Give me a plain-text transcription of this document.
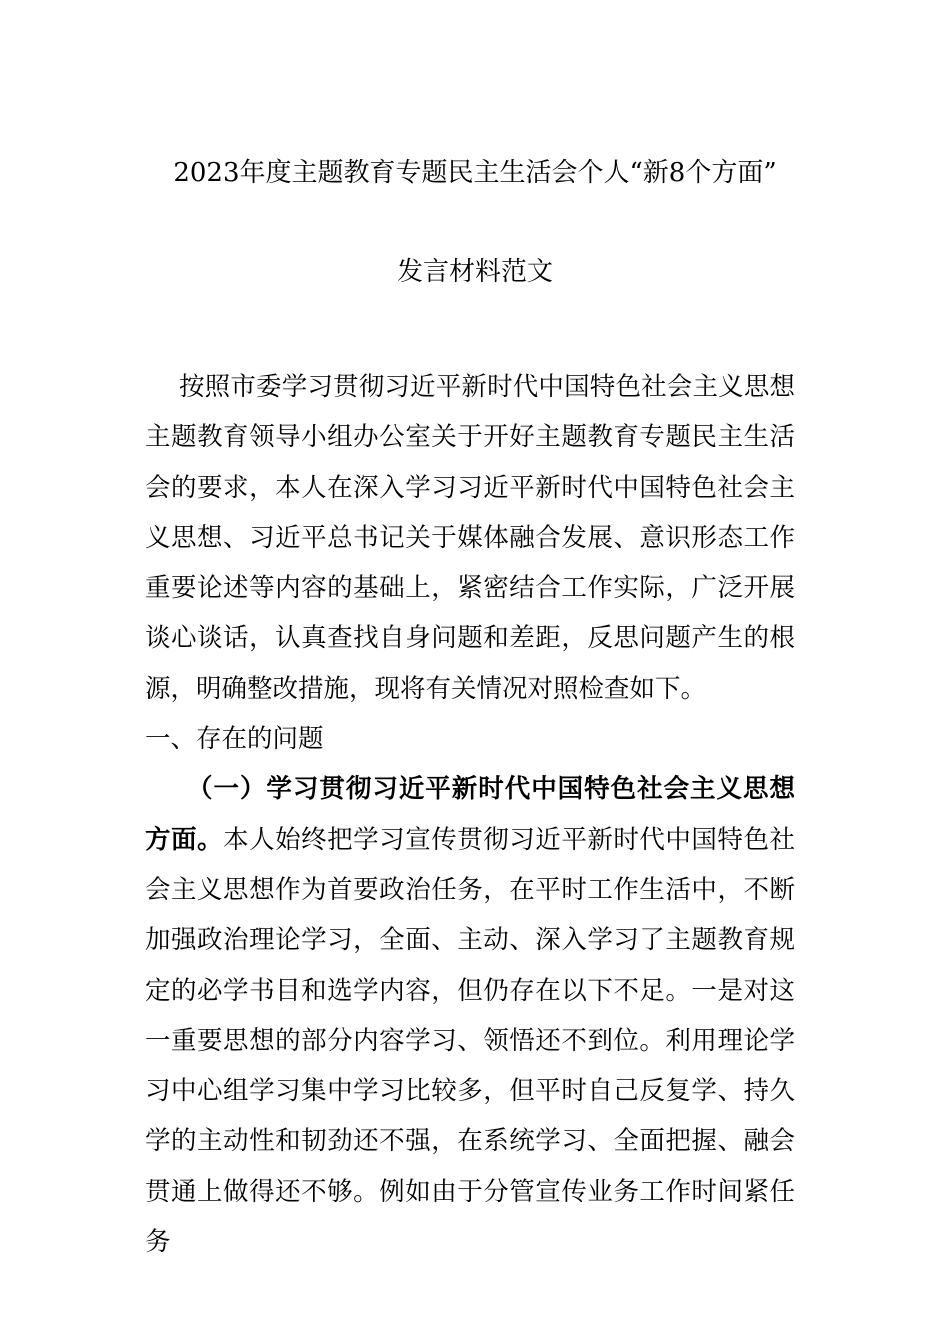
2023年度主题教育专题民主生活会个人“新8个方面”
发言材料范文

按照市委学习贯彻习近平新时代中国特色社会主义思想主题教育领导小组办公室关于开好主题教育专题民主生活会的要求，本人在深入学习习近平新时代中国特色社会主义思想、习近平总书记关于媒体融合发展、意识形态工作重要论述等内容的基础上，紧密结合工作实际，广泛开展谈心谈话，认真查找自身问题和差距，反思问题产生的根源，明确整改措施，现将有关情况对照检查如下。

一、存在的问题

（一）学习贯彻习近平新时代中国特色社会主义思想方面。本人始终把学习宣传贯彻习近平新时代中国特色社会主义思想作为首要政治任务，在平时工作生活中，不断加强政治理论学习，全面、主动、深入学习了主题教育规定的必学书目和选学内容，但仍存在以下不足。一是对这一重要思想的部分内容学习、领悟还不到位。利用理论学习中心组学习集中学习比较多，但平时自己反复学、持久学的主动性和韧劲还不强，在系统学习、全面把握、融会贯通上做得还不够。例如由于分管宣传业务工作时间紧任务
